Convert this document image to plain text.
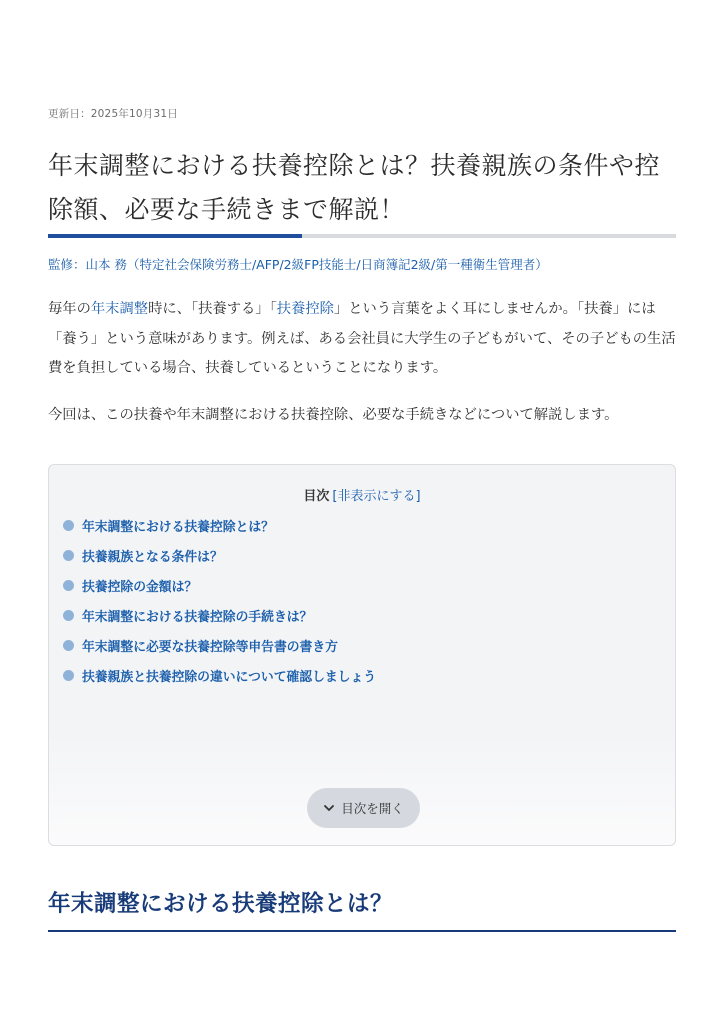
更新日：2025年10月31日
年末調整における扶養控除とは？扶養親族の条件や控除額、必要な手続きまで解説！
監修：山本 務（特定社会保険労務士/AFP/2級FP技能士/日商簿記2級/第一種衛生管理者）

毎年の年末調整時に、「扶養する」「扶養控除」という言葉をよく耳にしませんか。「扶養」には「養う」という意味があります。例えば、ある会社員に大学生の子どもがいて、その子どもの生活費を負担している場合、扶養しているということになります。

今回は、この扶養や年末調整における扶養控除、必要な手続きなどについて解説します。

目次 [非表示にする]
年末調整における扶養控除とは？
扶養親族となる条件は？
扶養控除の金額は？
年末調整における扶養控除の手続きは？
年末調整に必要な扶養控除等申告書の書き方
扶養親族と扶養控除の違いについて確認しましょう
目次を開く
年末調整における扶養控除とは？
